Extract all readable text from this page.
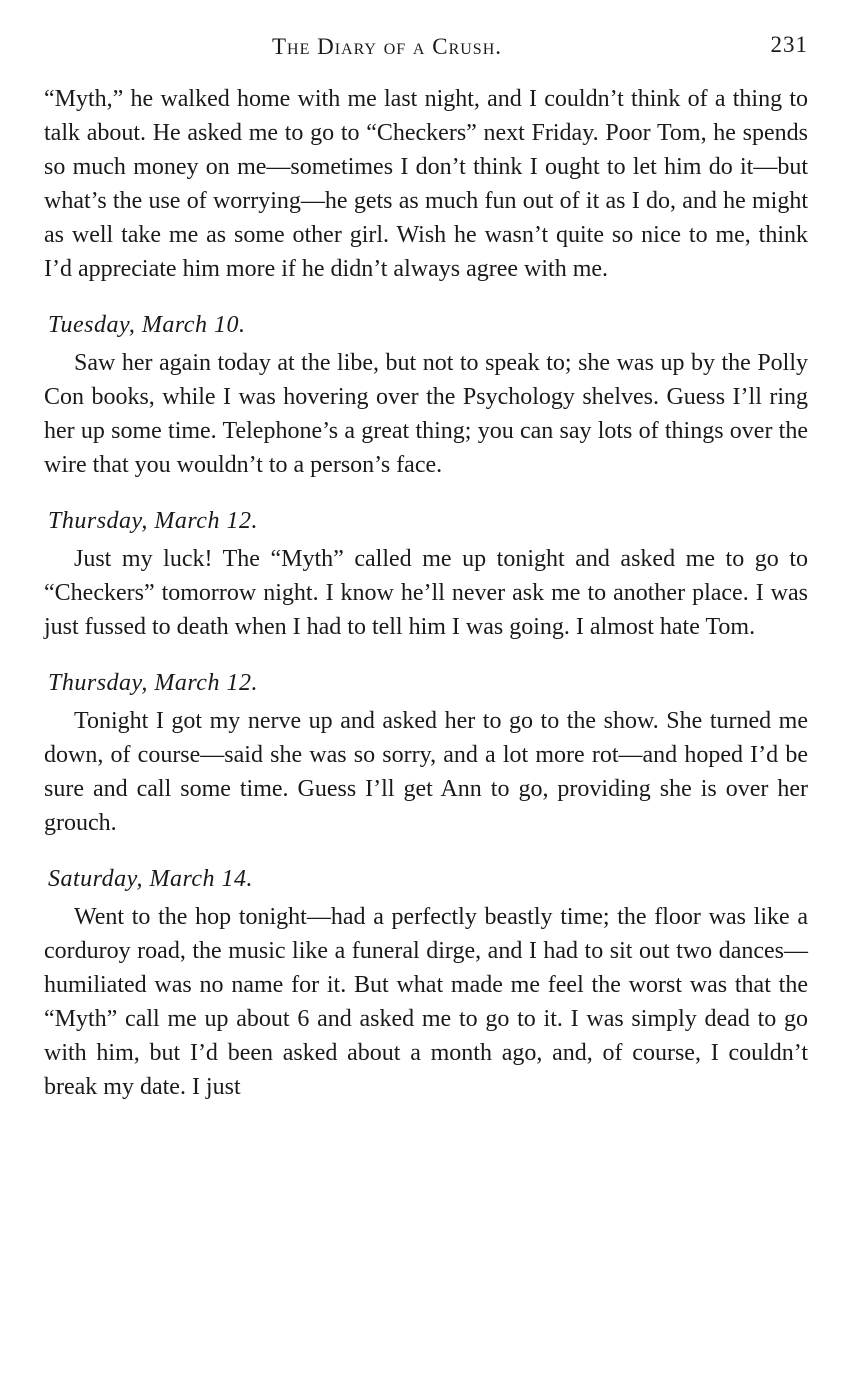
The Diary of a Crush.	231

“Myth,” he walked home with me last night, and I couldn’t think of a thing to talk about. He asked me to go to “Checkers” next Friday. Poor Tom, he spends so much money on me—sometimes I don’t think I ought to let him do it—but what’s the use of worrying—he gets as much fun out of it as I do, and he might as well take me as some other girl. Wish he wasn’t quite so nice to me, think I’d appreciate him more if he didn’t always agree with me.

Tuesday, March 10.

Saw her again today at the libe, but not to speak to; she was up by the Polly Con books, while I was hovering over the Psychology shelves. Guess I’ll ring her up some time. Telephone’s a great thing; you can say lots of things over the wire that you wouldn’t to a person’s face.

Thursday, March 12.

Just my luck! The “Myth” called me up tonight and asked me to go to “Checkers” tomorrow night. I know he’ll never ask me to another place. I was just fussed to death when I had to tell him I was going. I almost hate Tom.

Thursday, March 12.

Tonight I got my nerve up and asked her to go to the show. She turned me down, of course—said she was so sorry, and a lot more rot—and hoped I’d be sure and call some time. Guess I’ll get Ann to go, providing she is over her grouch.

Saturday, March 14.

Went to the hop tonight—had a perfectly beastly time; the floor was like a corduroy road, the music like a funeral dirge, and I had to sit out two dances—humiliated was no name for it. But what made me feel the worst was that the “Myth” call me up about 6 and asked me to go to it. I was simply dead to go with him, but I’d been asked about a month ago, and, of course, I couldn’t break my date. I just
